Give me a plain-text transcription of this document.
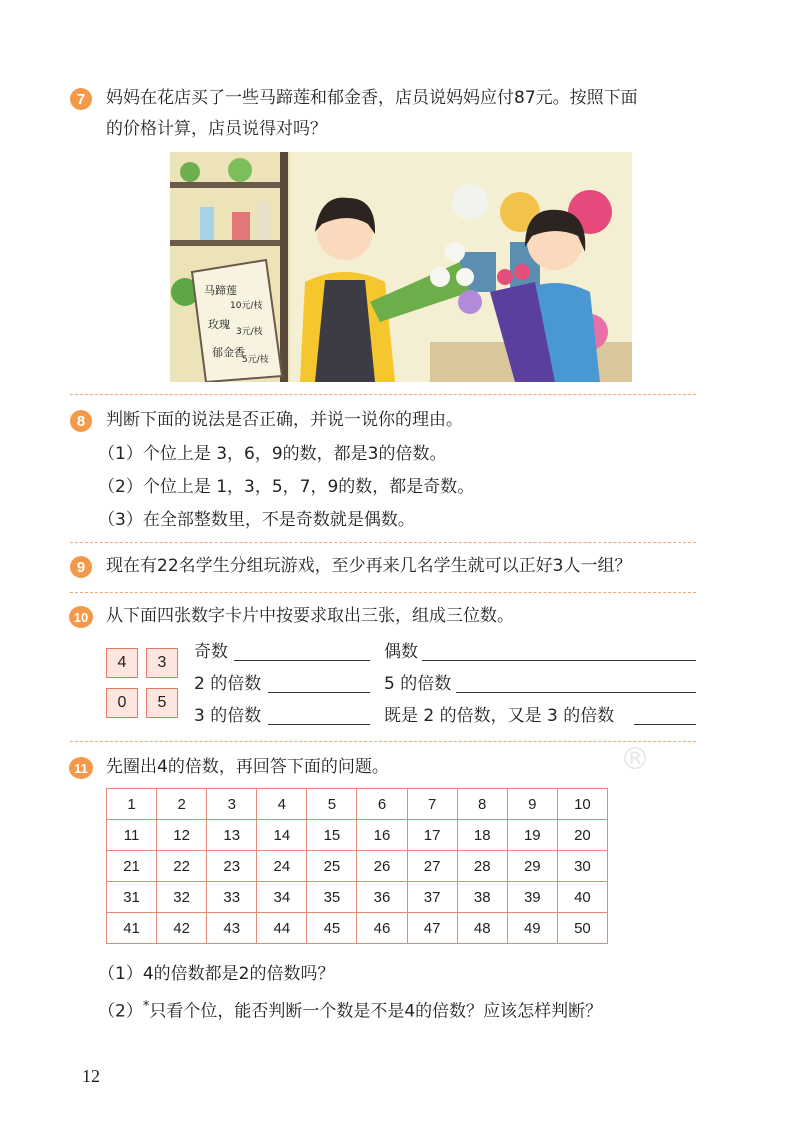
7	妈妈在花店买了一些马蹄莲和郁金香，店员说妈妈应付87元。按照下面
的价格计算，店员说得对吗？
马蹄莲
10元/枝
玫瑰
3元/枝
郁金香
5元/枝
8	判断下面的说法是否正确，并说一说你的理由。
（1）个位上是 3，6，9的数，都是3的倍数。
（2）个位上是 1，3，5，7，9的数，都是奇数。
（3）在全部整数里，不是奇数就是偶数。
9	现在有22名学生分组玩游戏，至少再来几名学生就可以正好3人一组？
10 从下面四张数字卡片中按要求取出三张，组成三位数。
4	3
0	5
奇数	偶数
2 的倍数	5 的倍数
3 的倍数	既是 2 的倍数，又是 3 的倍数
11	先圈出4的倍数，再回答下面的问题。	®
1	2	3	4	5	6	7	8	9	10
11	12	13	14	15	16	17	18	19	20
21	22	23	24	25	26	27	28	29	30
31	32	33	34	35	36	37	38	39	40
41	42	43	44	45	46	47	48	49	50
（1）4的倍数都是2的倍数吗？
（2）*只看个位，能否判断一个数是不是4的倍数？应该怎样判断？
12
